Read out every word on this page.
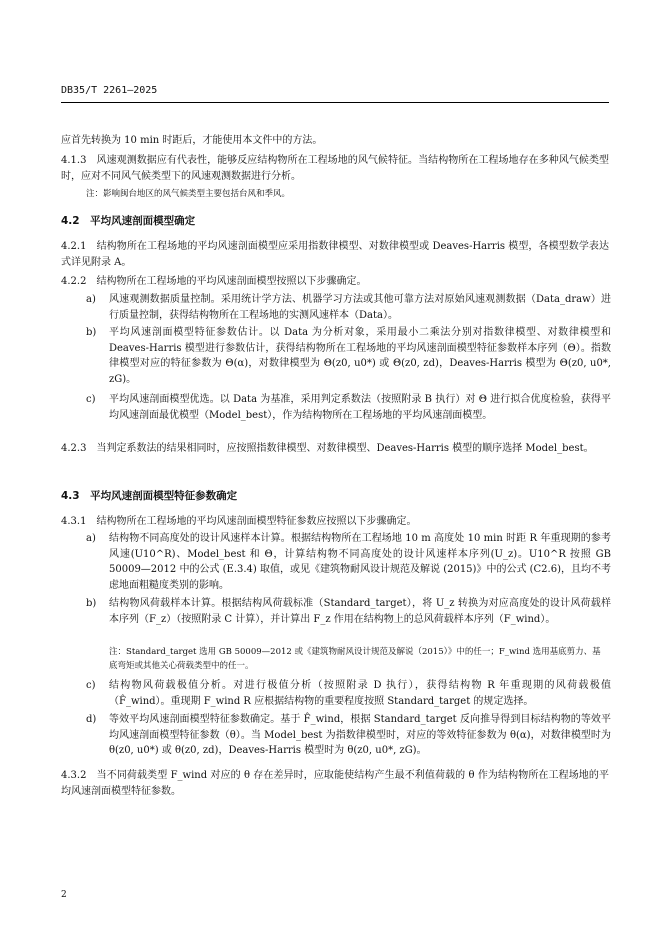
DB35/T 2261—2025
应首先转换为 10 min 时距后，才能使用本文件中的方法。
4.1.3　风速观测数据应有代表性，能够反应结构物所在工程场地的风气候特征。当结构物所在工程场地存在多种风气候类型时，应对不同风气候类型下的风速观测数据进行分析。
注：影响闽台地区的风气候类型主要包括台风和季风。
4.2　平均风速剖面模型确定
4.2.1　结构物所在工程场地的平均风速剖面模型应采用指数律模型、对数律模型或 Deaves-Harris 模型，各模型数学表达式详见附录 A。
4.2.2　结构物所在工程场地的平均风速剖面模型按照以下步骤确定。
a) 风速观测数据质量控制。采用统计学方法、机器学习方法或其他可靠方法对原始风速观测数据（Data_draw）进行质量控制，获得结构物所在工程场地的实测风速样本（Data）。
b) 平均风速剖面模型特征参数估计。以 Data 为分析对象，采用最小二乘法分别对指数律模型、对数律模型和 Deaves-Harris 模型进行参数估计，获得结构物所在工程场地的平均风速剖面模型特征参数样本序列（Θ）。指数律模型对应的特征参数为 Θ(α)，对数律模型为 Θ(z0, u0*) 或 Θ(z0, zd)，Deaves-Harris 模型为 Θ(z0, u0*, zG)。
c) 平均风速剖面模型优选。以 Data 为基准，采用判定系数法（按照附录 B 执行）对 Θ 进行拟合优度检验，获得平均风速剖面最优模型（Model_best），作为结构物所在工程场地的平均风速剖面模型。
4.2.3　当判定系数法的结果相同时，应按照指数律模型、对数律模型、Deaves-Harris 模型的顺序选择 Model_best。
4.3　平均风速剖面模型特征参数确定
4.3.1　结构物所在工程场地的平均风速剖面模型特征参数应按照以下步骤确定。
a) 结构物不同高度处的设计风速样本计算。根据结构物所在工程场地 10 m 高度处 10 min 时距 R 年重现期的参考风速(U10^R)、Model_best 和 Θ，计算结构物不同高度处的设计风速样本序列(U_z)。U10^R 按照 GB 50009—2012 中的公式 (E.3.4) 取值，或见《建筑物耐风设计规范及解说 (2015)》中的公式 (C2.6)，且均不考虑地面粗糙度类别的影响。
b) 结构物风荷载样本计算。根据结构风荷载标准（Standard_target），将 U_z 转换为对应高度处的设计风荷载样本序列（F_z）（按照附录 C 计算），并计算出 F_z 作用在结构物上的总风荷载样本序列（F_wind）。
注：Standard_target 选用 GB 50009—2012 或《建筑物耐风设计规范及解说（2015）》中的任一；F_wind 选用基底剪力、基底弯矩或其他关心荷载类型中的任一。
c) 结构物风荷载极值分析。对进行极值分析（按照附录 D 执行），获得结构物 R 年重现期的风荷载极值（F̂_wind）。重现期 F_wind R 应根据结构物的重要程度按照 Standard_target 的规定选择。
d) 等效平均风速剖面模型特征参数确定。基于 F̂_wind，根据 Standard_target 反向推导得到目标结构物的等效平均风速剖面模型特征参数（θ）。当 Model_best 为指数律模型时，对应的等效特征参数为 θ(α)，对数律模型时为 θ(z0, u0*) 或 θ(z0, zd)，Deaves-Harris 模型时为 θ(z0, u0*, zG)。
4.3.2　当不同荷载类型 F_wind 对应的 θ 存在差异时，应取能使结构产生最不利值荷载的 θ 作为结构物所在工程场地的平均风速剖面模型特征参数。
2
